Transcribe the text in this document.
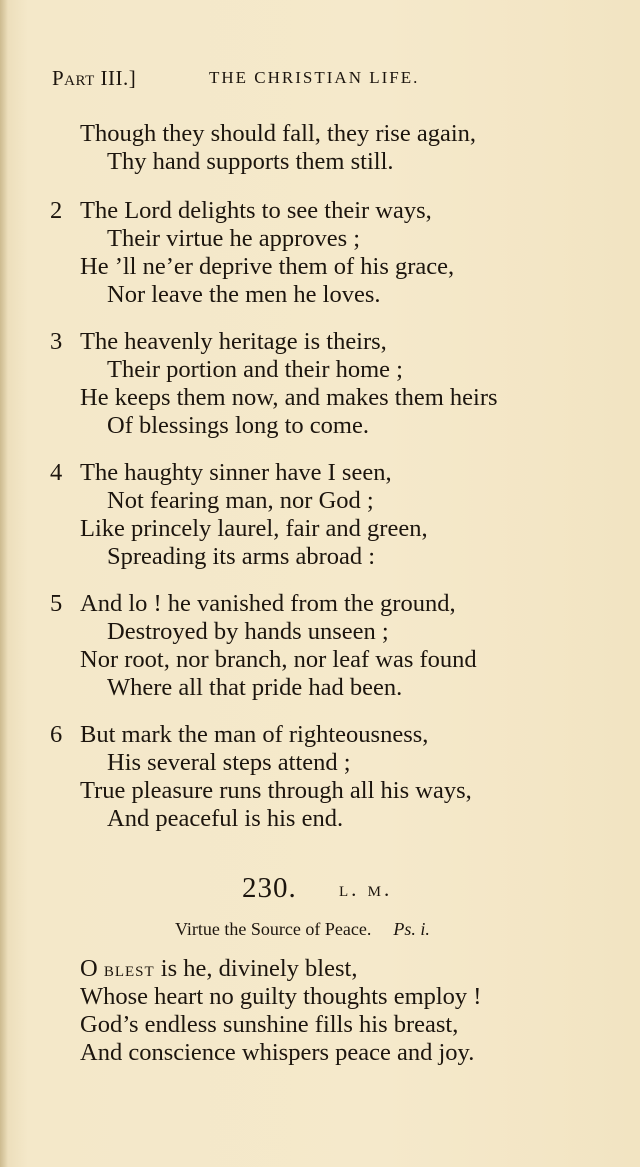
Part III.]	THE CHRISTIAN LIFE.
Though they should fall, they rise again,
Thy hand supports them still.
2 The Lord delights to see their ways,
Their virtue he approves ;
He ’ll ne’er deprive them of his grace,
Nor leave the men he loves.
3 The heavenly heritage is theirs,
Their portion and their home ;
He keeps them now, and makes them heirs
Of blessings long to come.
4 The haughty sinner have I seen,
Not fearing man, nor God ;
Like princely laurel, fair and green,
Spreading its arms abroad :
5 And lo ! he vanished from the ground,
Destroyed by hands unseen ;
Nor root, nor branch, nor leaf was found
Where all that pride had been.
6 But mark the man of righteousness,
His several steps attend ;
True pleasure runs through all his ways,
And peaceful is his end.
230. l. m.
Virtue the Source of Peace. Ps. i.
O blest is he, divinely blest,
Whose heart no guilty thoughts employ !
God’s endless sunshine fills his breast,
And conscience whispers peace and joy.
